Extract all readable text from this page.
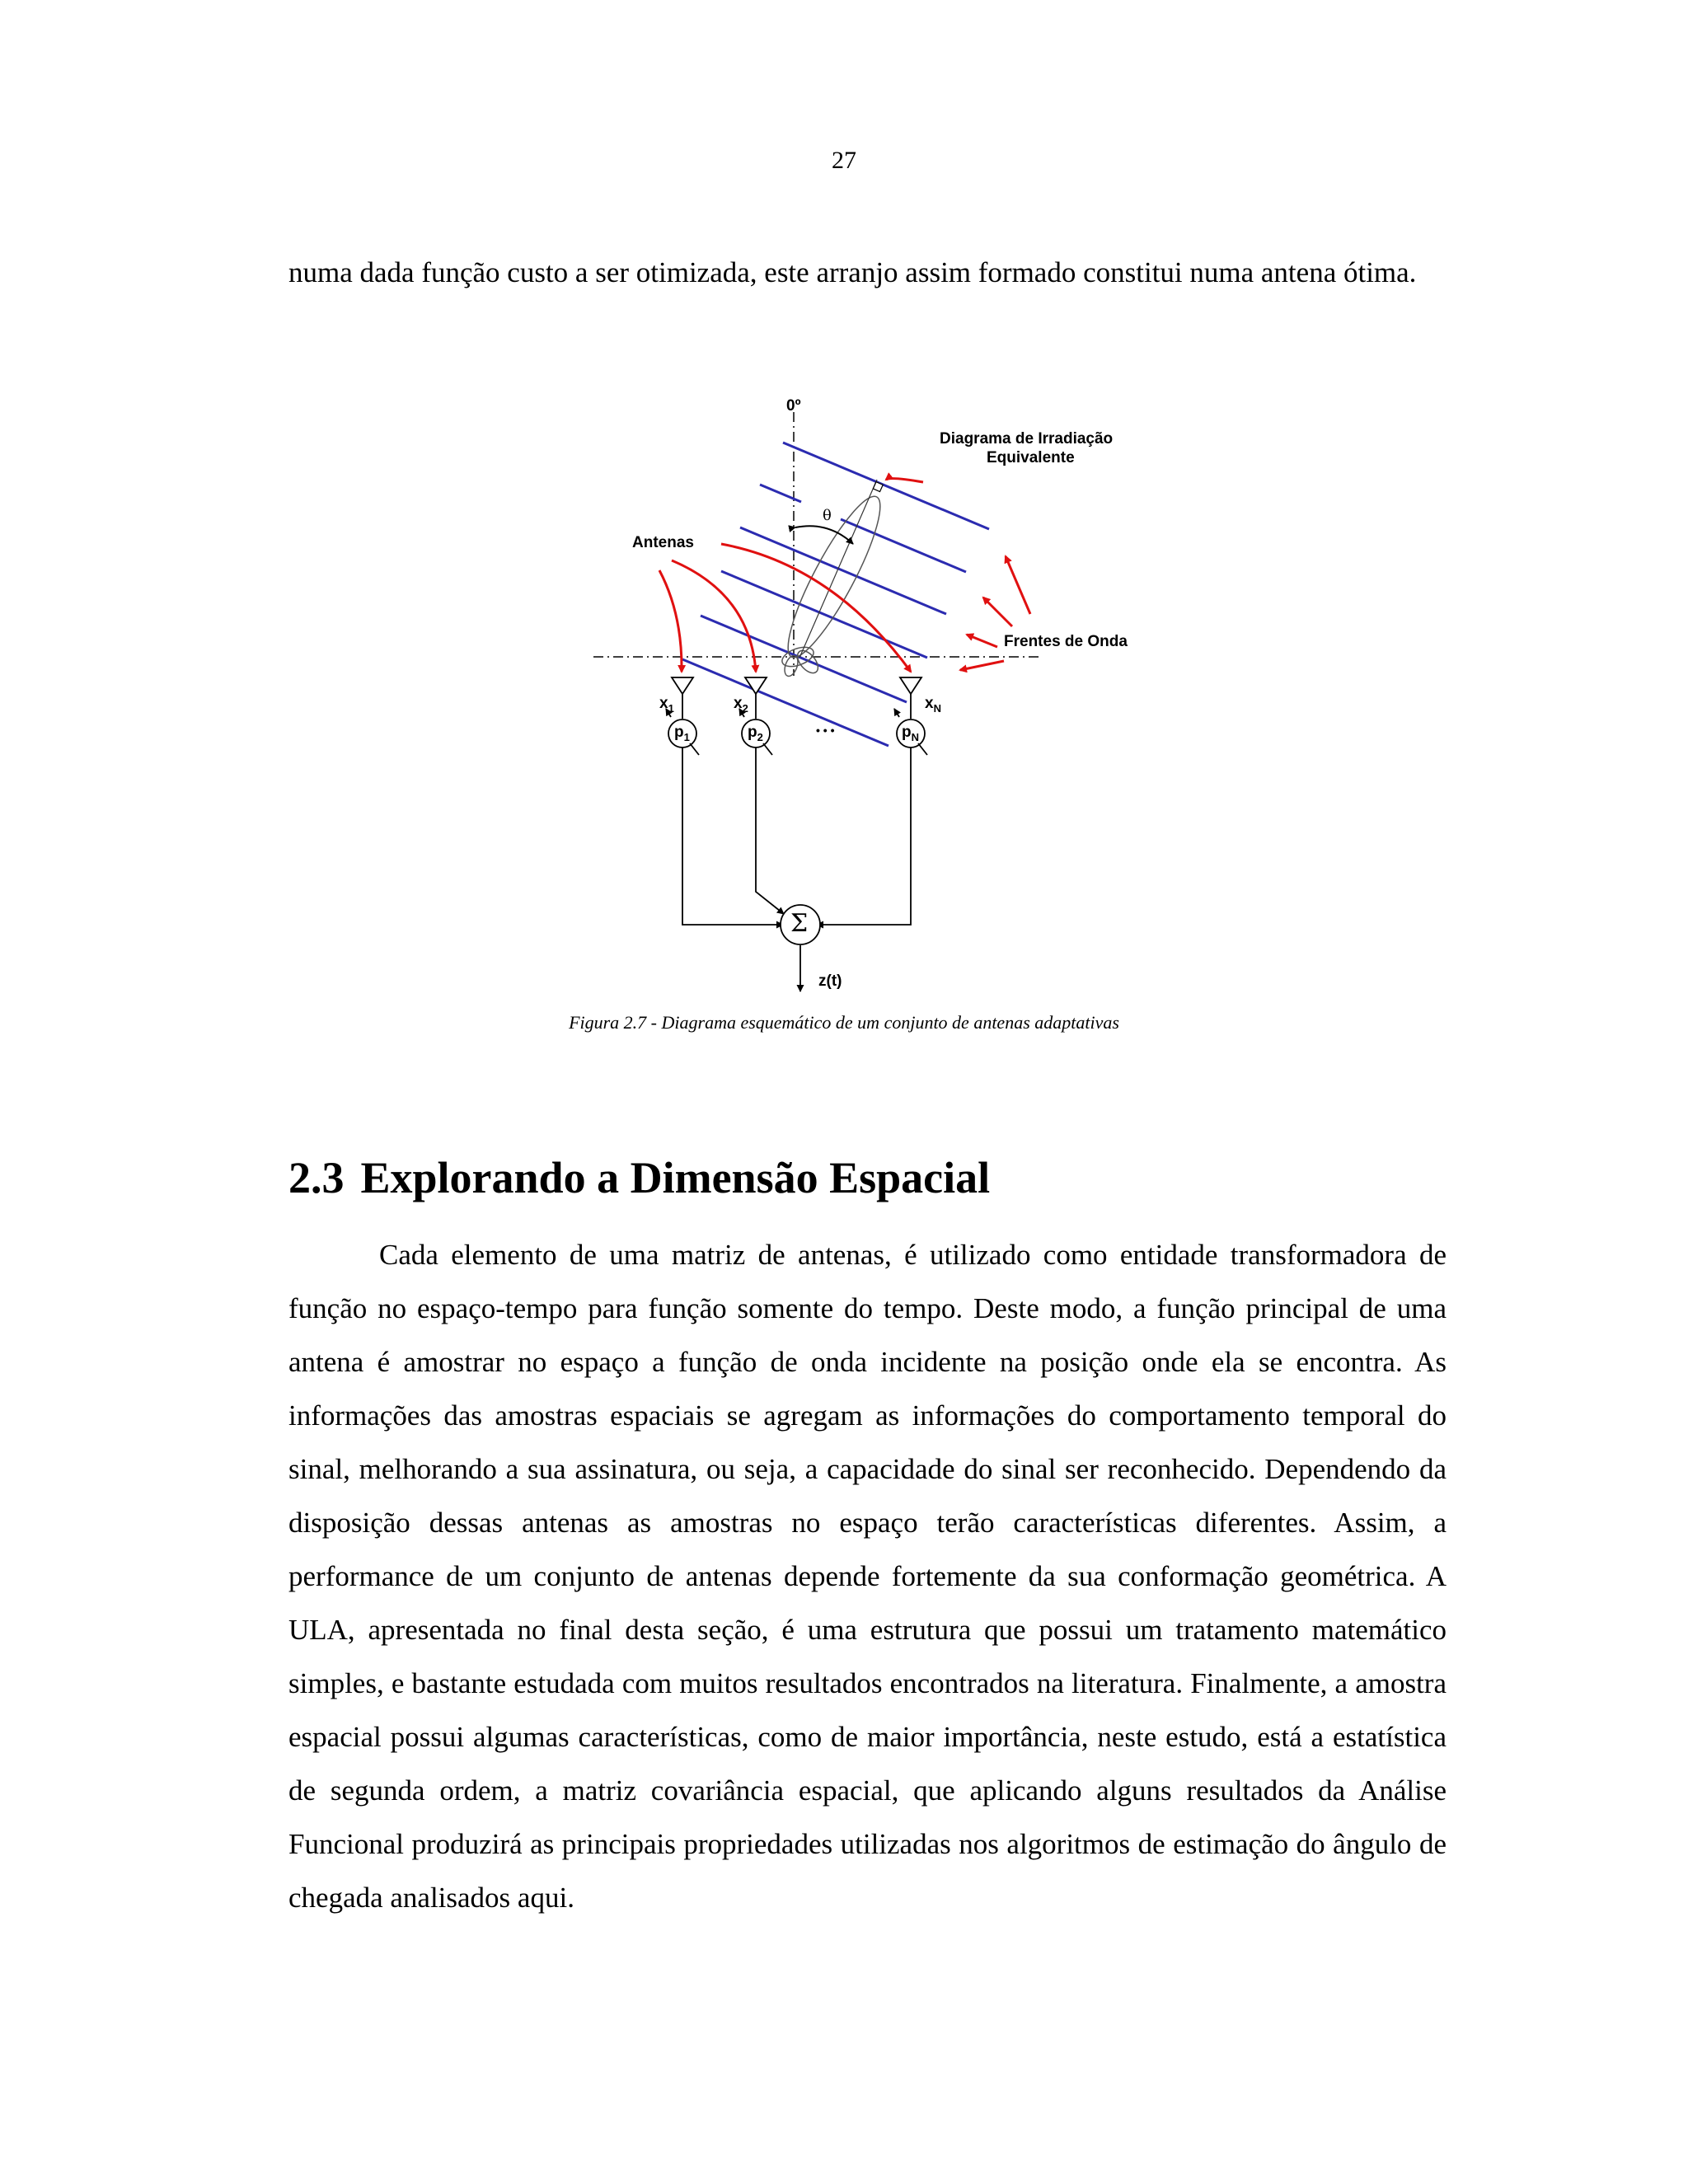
27

numa dada função custo a ser otimizada, este arranjo assim formado constitui numa antena ótima.

0º
θ
Diagrama de Irradiação
Equivalente
Antenas
Frentes de Onda
$x_1$	$x_2$	$x_N$
$p_1$	$p_2$	$p_N$
• • •
Σ
z(t)
Figura 2.7 - Diagrama esquemático de um conjunto de antenas adaptativas
2.3 Explorando a Dimensão Espacial

Cada elemento de uma matriz de antenas, é utilizado como entidade transformadora de função no espaço-tempo para função somente do tempo. Deste modo, a função principal de uma antena é amostrar no espaço a função de onda incidente na posição onde ela se encontra. As informações das amostras espaciais se agregam as informações do comportamento temporal do sinal, melhorando a sua assinatura, ou seja, a capacidade do sinal ser reconhecido. Dependendo da disposição dessas antenas as amostras no espaço terão características diferentes. Assim, a performance de um conjunto de antenas depende fortemente da sua conformação geométrica. A ULA, apresentada no final desta seção, é uma estrutura que possui um tratamento matemático simples, e bastante estudada com muitos resultados encontrados na literatura. Finalmente, a amostra espacial possui algumas características, como de maior importância, neste estudo, está a estatística de segunda ordem, a matriz covariância espacial, que aplicando alguns resultados da Análise Funcional produzirá as principais propriedades utilizadas nos algoritmos de estimação do ângulo de chegada analisados aqui.
